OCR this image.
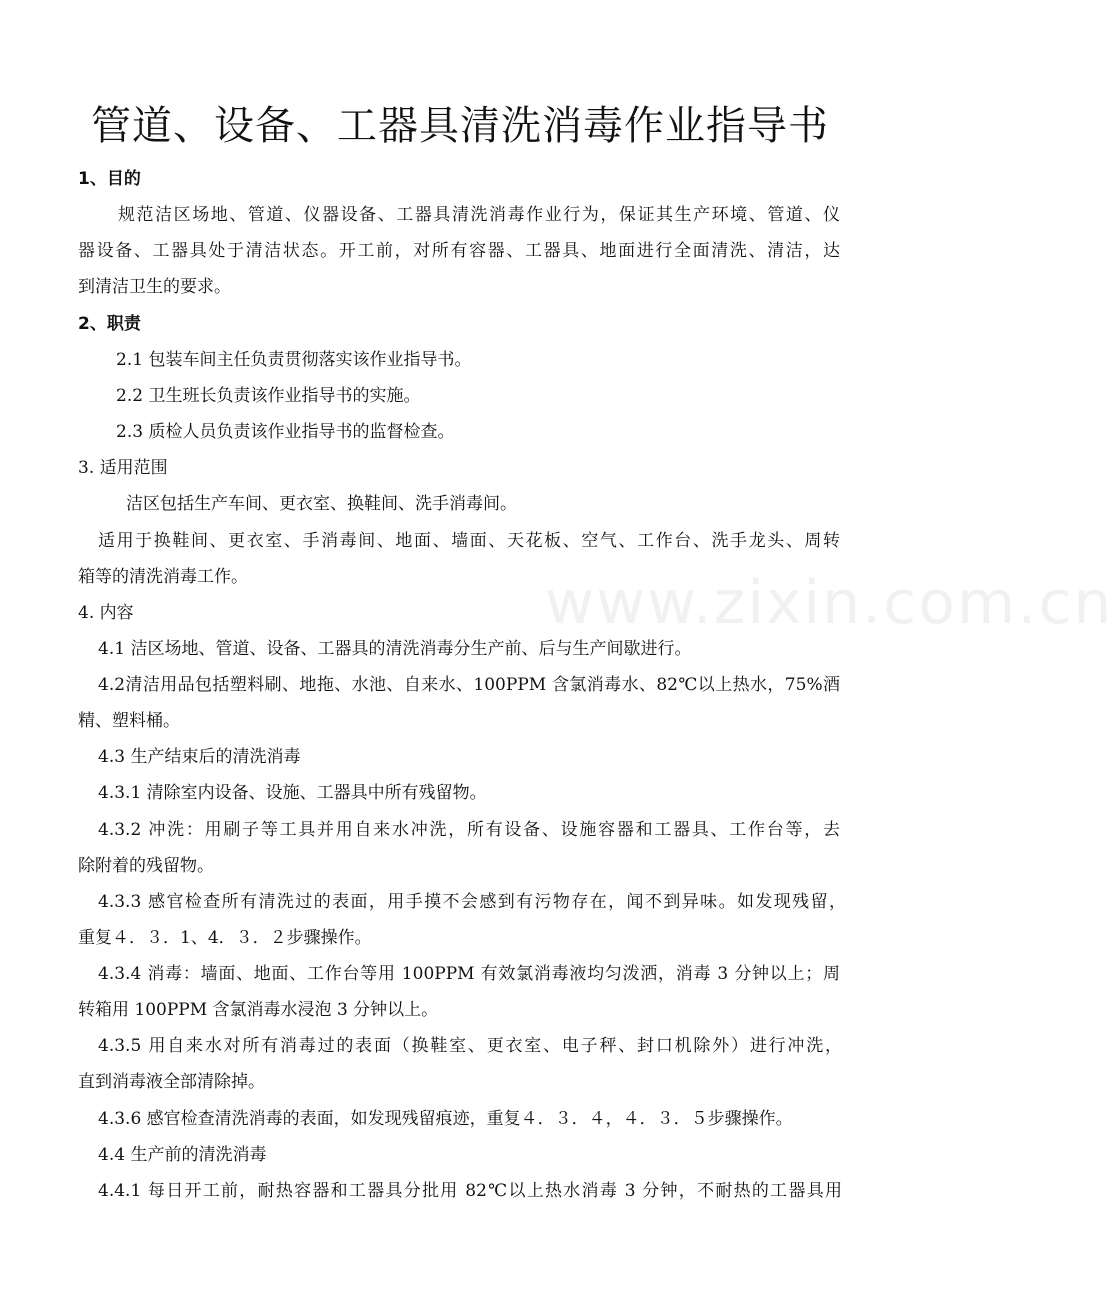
www.zixin.com.cn
管道、设备、工器具清洗消毒作业指导书
1、目的
规范洁区场地、管道、仪器设备、工器具清洗消毒作业行为，保证其生产环境、管道、仪
器设备、工器具处于清洁状态。开工前，对所有容器、工器具、地面进行全面清洗、清洁，达
到清洁卫生的要求。
2、职责
2.1 包装车间主任负责贯彻落实该作业指导书。
2.2 卫生班长负责该作业指导书的实施。
2.3 质检人员负责该作业指导书的监督检查。
3. 适用范围
洁区包括生产车间、更衣室、换鞋间、洗手消毒间。
适用于换鞋间、更衣室、手消毒间、地面、墙面、天花板、空气、工作台、洗手龙头、周转
箱等的清洗消毒工作。
4. 内容
4.1 洁区场地、管道、设备、工器具的清洗消毒分生产前、后与生产间歇进行。
4.2清洁用品包括塑料刷、地拖、水池、自来水、100PPM 含氯消毒水、82℃以上热水，75%酒
精、塑料桶。
4.3 生产结束后的清洗消毒
4.3.1 清除室内设备、设施、工器具中所有残留物。
4.3.2 冲洗：用刷子等工具并用自来水冲洗，所有设备、设施容器和工器具、工作台等，去
除附着的残留物。
4.3.3 感官检查所有清洗过的表面，用手摸不会感到有污物存在，闻不到异味。如发现残留，
重复４．３．1、4．３．２步骤操作。
4.3.4 消毒：墙面、地面、工作台等用 100PPM 有效氯消毒液均匀泼洒，消毒 3 分钟以上；周
转箱用 100PPM 含氯消毒水浸泡 3 分钟以上。
4.3.5 用自来水对所有消毒过的表面（换鞋室、更衣室、电子秤、封口机除外）进行冲洗，
直到消毒液全部清除掉。
4.3.6 感官检查清洗消毒的表面，如发现残留痕迹，重复４．３．４，４．３．５步骤操作。
4.4 生产前的清洗消毒
4.4.1 每日开工前，耐热容器和工器具分批用 82℃以上热水消毒 3 分钟，不耐热的工器具用
